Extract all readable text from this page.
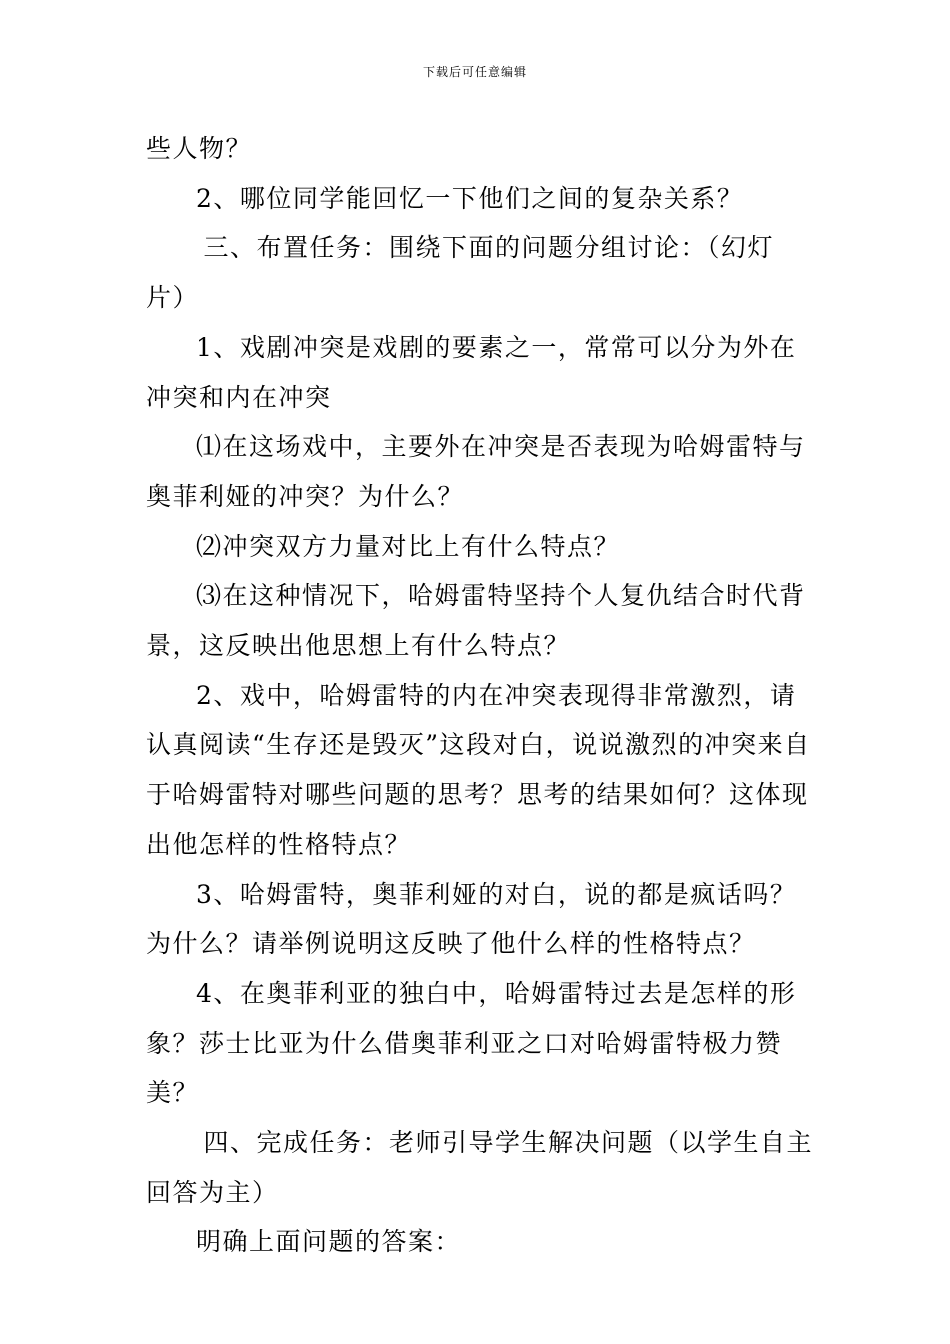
下载后可任意编辑

些人物？

2、哪位同学能回忆一下他们之间的复杂关系？

三、布置任务：围绕下面的问题分组讨论：（幻灯片）

1、戏剧冲突是戏剧的要素之一，常常可以分为外在冲突和内在冲突

⑴在这场戏中，主要外在冲突是否表现为哈姆雷特与奥菲利娅的冲突？为什么？

⑵冲突双方力量对比上有什么特点？

⑶在这种情况下，哈姆雷特坚持个人复仇结合时代背景，这反映出他思想上有什么特点？

2、戏中，哈姆雷特的内在冲突表现得非常激烈，请认真阅读“生存还是毁灭”这段对白，说说激烈的冲突来自于哈姆雷特对哪些问题的思考？思考的结果如何？这体现出他怎样的性格特点？

3、哈姆雷特，奥菲利娅的对白，说的都是疯话吗？为什么？请举例说明这反映了他什么样的性格特点？

4、在奥菲利亚的独白中，哈姆雷特过去是怎样的形象？莎士比亚为什么借奥菲利亚之口对哈姆雷特极力赞美？

四、完成任务：老师引导学生解决问题（以学生自主回答为主）

明确上面问题的答案：
